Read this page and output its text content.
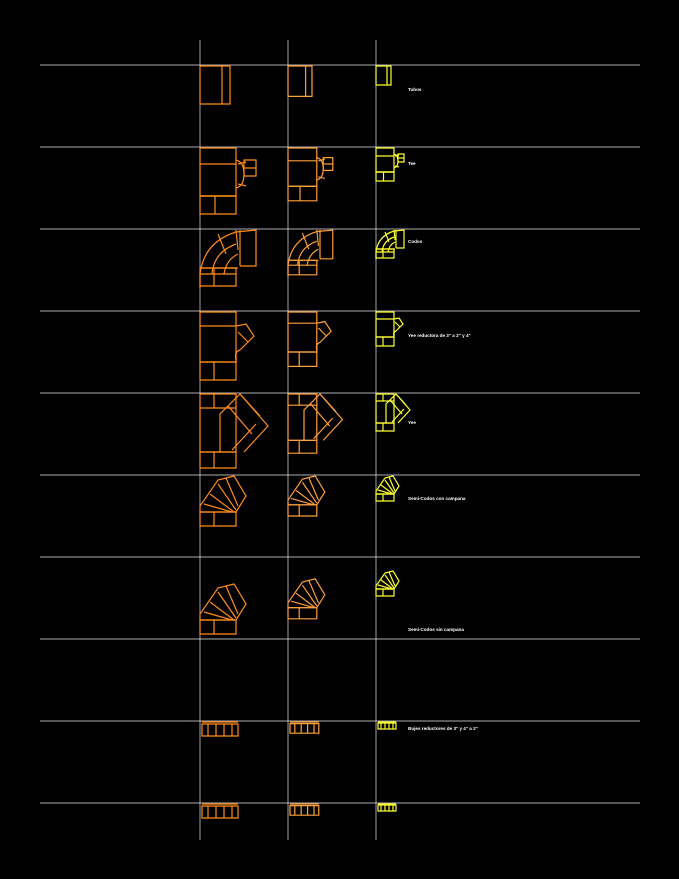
Tubos
Tee
Codos
Yee reductora de 3" a 2" y 4"
Yee
Semi-Codos con campana
Semi-Codos sin campana
Bujes reductores de 3" y 4" a 2"
